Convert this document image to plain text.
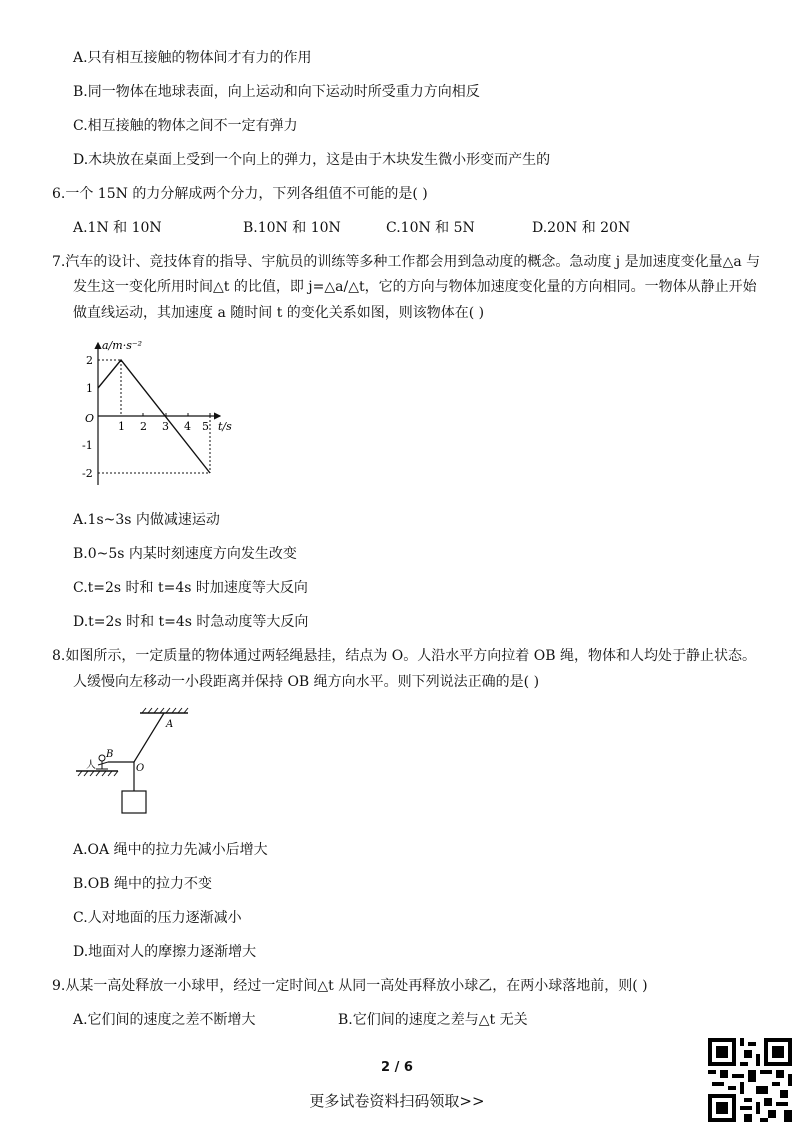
A.只有相互接触的物体间才有力的作用
B.同一物体在地球表面，向上运动和向下运动时所受重力方向相反
C.相互接触的物体之间不一定有弹力
D.木块放在桌面上受到一个向上的弹力，这是由于木块发生微小形变而产生的
6.一个 15N 的力分解成两个分力，下列各组值不可能的是( )
A.1N 和 10N	B.10N 和 10N	C.10N 和 5N	D.20N 和 20N
7.汽车的设计、竞技体育的指导、宇航员的训练等多种工作都会用到急动度的概念。急动度 j 是加速度变化量△a 与
发生这一变化所用时间△t 的比值，即 j=△a/△t，它的方向与物体加速度变化量的方向相同。一物体从静止开始
做直线运动，其加速度 a 随时间 t 的变化关系如图，则该物体在( )
a/m·s⁻²
t/s
O
1 2 3 4 5
2
1
-1
-2
A.1s~3s 内做减速运动
B.0~5s 内某时刻速度方向发生改变
C.t=2s 时和 t=4s 时加速度等大反向
D.t=2s 时和 t=4s 时急动度等大反向
8.如图所示，一定质量的物体通过两轻绳悬挂，结点为 O。人沿水平方向拉着 OB 绳，物体和人均处于静止状态。
人缓慢向左移动一小段距离并保持 OB 绳方向水平。则下列说法正确的是( )
A
B
O
人
A.OA 绳中的拉力先减小后增大
B.OB 绳中的拉力不变
C.人对地面的压力逐渐减小
D.地面对人的摩擦力逐渐增大
9.从某一高处释放一小球甲，经过一定时间△t 从同一高处再释放小球乙，在两小球落地前，则( )
A.它们间的速度之差不断增大	B.它们间的速度之差与△t 无关
2 / 6
更多试卷资料扫码领取>>
